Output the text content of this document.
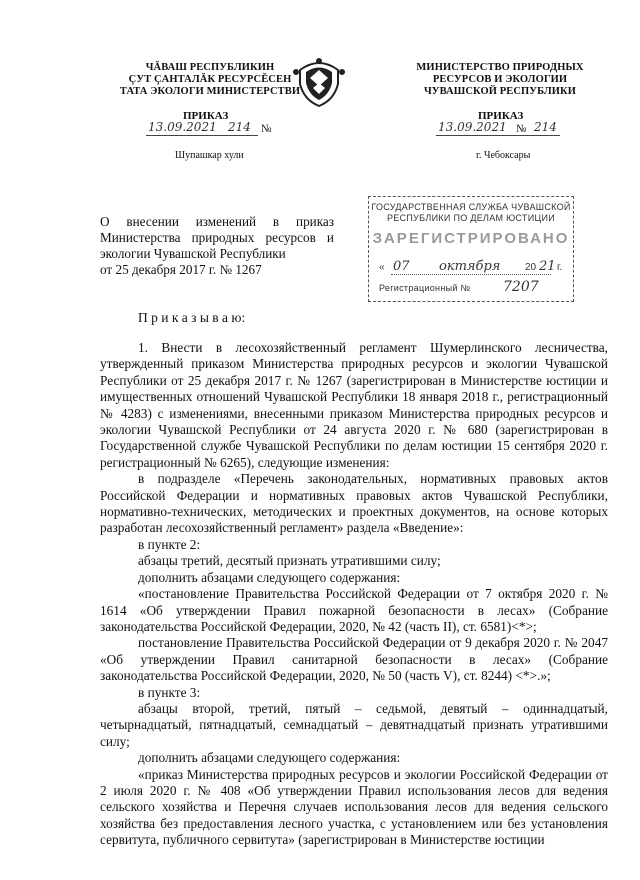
ЧĂВАШ РЕСПУБЛИКИН
ÇУТ ÇАНТАЛĂК РЕСУРСĔСЕН
ТАТА ЭКОЛОГИ МИНИСТЕРСТВИ
ПРИКАЗ
13.09.2021 214 №
Шупашкар хули
МИНИСТЕРСТВО ПРИРОДНЫХ
РЕСУРСОВ И ЭКОЛОГИИ
ЧУВАШСКОЙ РЕСПУБЛИКИ
ПРИКАЗ
13.09.2021 № 214
г. Чебоксары

О внесении изменений в приказ

Министерства природных ресурсов и

экологии Чувашской Республики

от 25 декабря 2017 г. № 1267

ГОСУДАРСТВЕННАЯ СЛУЖБА ЧУВАШСКОЙ
РЕСПУБЛИКИ ПО ДЕЛАМ ЮСТИЦИИ
ЗАРЕГИСТРИРОВАНО
« 07 октября 20 21 г.
Регистрационный № 7207
П р и к а з ы в а ю:

1. Внести в лесохозяйственный регламент Шумерлинского лесничества, утвержденный приказом Министерства природных ресурсов и экологии Чувашской Республики от 25 декабря 2017 г. № 1267 (зарегистрирован в Министерстве юстиции и имущественных отношений Чувашской Республики 18 января 2018 г., регистрационный № 4283) с изменениями, внесенными приказом Министерства природных ресурсов и экологии Чувашской Республики от 24 августа 2020 г. № 680 (зарегистрирован в Государственной службе Чувашской Республики по делам юстиции 15 сентября 2020 г. регистрационный № 6265), следующие изменения:

в подразделе «Перечень законодательных, нормативных правовых актов Российской Федерации и нормативных правовых актов Чувашской Республики, нормативно-технических, методических и проектных документов, на основе которых разработан лесохозяйственный регламент» раздела «Введение»:

в пункте 2:

абзацы третий, десятый признать утратившими силу;

дополнить абзацами следующего содержания:

«постановление Правительства Российской Федерации от 7 октября 2020 г. № 1614 «Об утверждении Правил пожарной безопасности в лесах» (Собрание законодательства Российской Федерации, 2020, № 42 (часть II), ст. 6581)<*>;

постановление Правительства Российской Федерации от 9 декабря 2020 г. № 2047 «Об утверждении Правил санитарной безопасности в лесах» (Собрание законодательства Российской Федерации, 2020, № 50 (часть V), ст. 8244) <*>.»;

в пункте 3:

абзацы второй, третий, пятый – седьмой, девятый – одиннадцатый, четырнадцатый, пятнадцатый, семнадцатый – девятнадцатый признать утратившими силу;

дополнить абзацами следующего содержания:

«приказ Министерства природных ресурсов и экологии Российской Федерации от 2 июля 2020 г. № 408 «Об утверждении Правил использования лесов для ведения сельского хозяйства и Перечня случаев использования лесов для ведения сельского хозяйства без предоставления лесного участка, с установлением или без установления сервитута, публичного сервитута» (зарегистрирован в Министерстве юстиции
